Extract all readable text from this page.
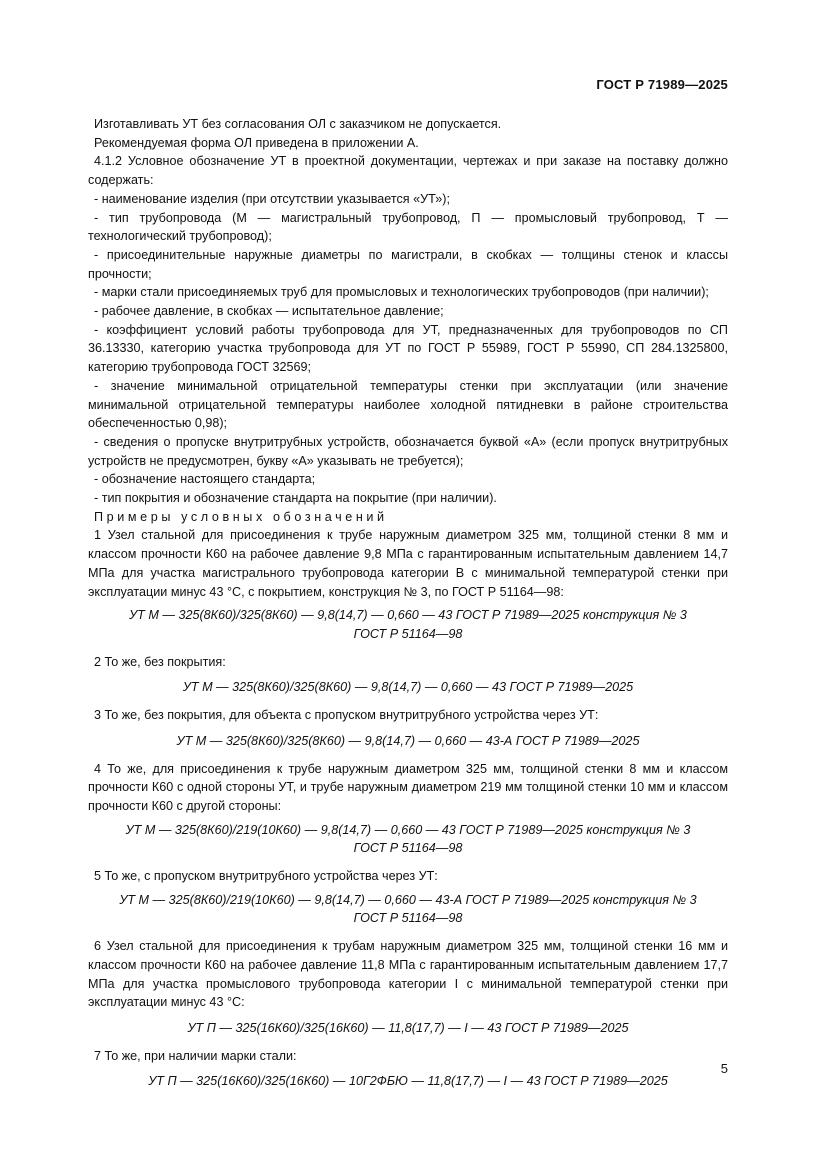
ГОСТ Р 71989—2025

Изготавливать УТ без согласования ОЛ с заказчиком не допускается.

Рекомендуемая форма ОЛ приведена в приложении А.

4.1.2 Условное обозначение УТ в проектной документации, чертежах и при заказе на поставку должно содержать:

- наименование изделия (при отсутствии указывается «УТ»);

- тип трубопровода (М — магистральный трубопровод, П — промысловый трубопровод, Т — технологический трубопровод);

- присоединительные наружные диаметры по магистрали, в скобках — толщины стенок и классы прочности;

- марки стали присоединяемых труб для промысловых и технологических трубопроводов (при наличии);

- рабочее давление, в скобках — испытательное давление;

- коэффициент условий работы трубопровода для УТ, предназначенных для трубопроводов по СП 36.13330, категорию участка трубопровода для УТ по ГОСТ Р 55989, ГОСТ Р 55990, СП 284.1325800, категорию трубопровода ГОСТ 32569;

- значение минимальной отрицательной температуры стенки при эксплуатации (или значение минимальной отрицательной температуры наиболее холодной пятидневки в районе строительства обеспеченностью 0,98);

- сведения о пропуске внутритрубных устройств, обозначается буквой «А» (если пропуск внутритрубных устройств не предусмотрен, букву «А» указывать не требуется);

- обозначение настоящего стандарта;

- тип покрытия и обозначение стандарта на покрытие (при наличии).

Примеры условных обозначений

1 Узел стальной для присоединения к трубе наружным диаметром 325 мм, толщиной стенки 8 мм и классом прочности К60 на рабочее давление 9,8 МПа с гарантированным испытательным давлением 14,7 МПа для участка магистрального трубопровода категории В с минимальной температурой стенки при эксплуатации минус 43 °С, с покрытием, конструкция № 3, по ГОСТ Р 51164—98:

УТ М — 325(8К60)/325(8К60) — 9,8(14,7) — 0,660 — 43 ГОСТ Р 71989—2025 конструкция № 3
ГОСТ Р 51164—98

2 То же, без покрытия:

УТ М — 325(8К60)/325(8К60) — 9,8(14,7) — 0,660 — 43 ГОСТ Р 71989—2025

3 То же, без покрытия, для объекта с пропуском внутритрубного устройства через УТ:

УТ М — 325(8К60)/325(8К60) — 9,8(14,7) — 0,660 — 43-А ГОСТ Р 71989—2025

4 То же, для присоединения к трубе наружным диаметром 325 мм, толщиной стенки 8 мм и классом прочности К60 с одной стороны УТ, и трубе наружным диаметром 219 мм толщиной стенки 10 мм и классом прочности К60 с другой стороны:

УТ М — 325(8К60)/219(10К60) — 9,8(14,7) — 0,660 — 43 ГОСТ Р 71989—2025 конструкция № 3
ГОСТ Р 51164—98

5 То же, с пропуском внутритрубного устройства через УТ:

УТ М — 325(8К60)/219(10К60) — 9,8(14,7) — 0,660 — 43-А ГОСТ Р 71989—2025 конструкция № 3
ГОСТ Р 51164—98

6 Узел стальной для присоединения к трубам наружным диаметром 325 мм, толщиной стенки 16 мм и классом прочности К60 на рабочее давление 11,8 МПа с гарантированным испытательным давлением 17,7 МПа для участка промыслового трубопровода категории I с минимальной температурой стенки при эксплуатации минус 43 °С:

УТ П — 325(16К60)/325(16К60) — 11,8(17,7) — I — 43 ГОСТ Р 71989—2025

7 То же, при наличии марки стали:

УТ П — 325(16К60)/325(16К60) — 10Г2ФБЮ — 11,8(17,7) — I — 43 ГОСТ Р 71989—2025
5
